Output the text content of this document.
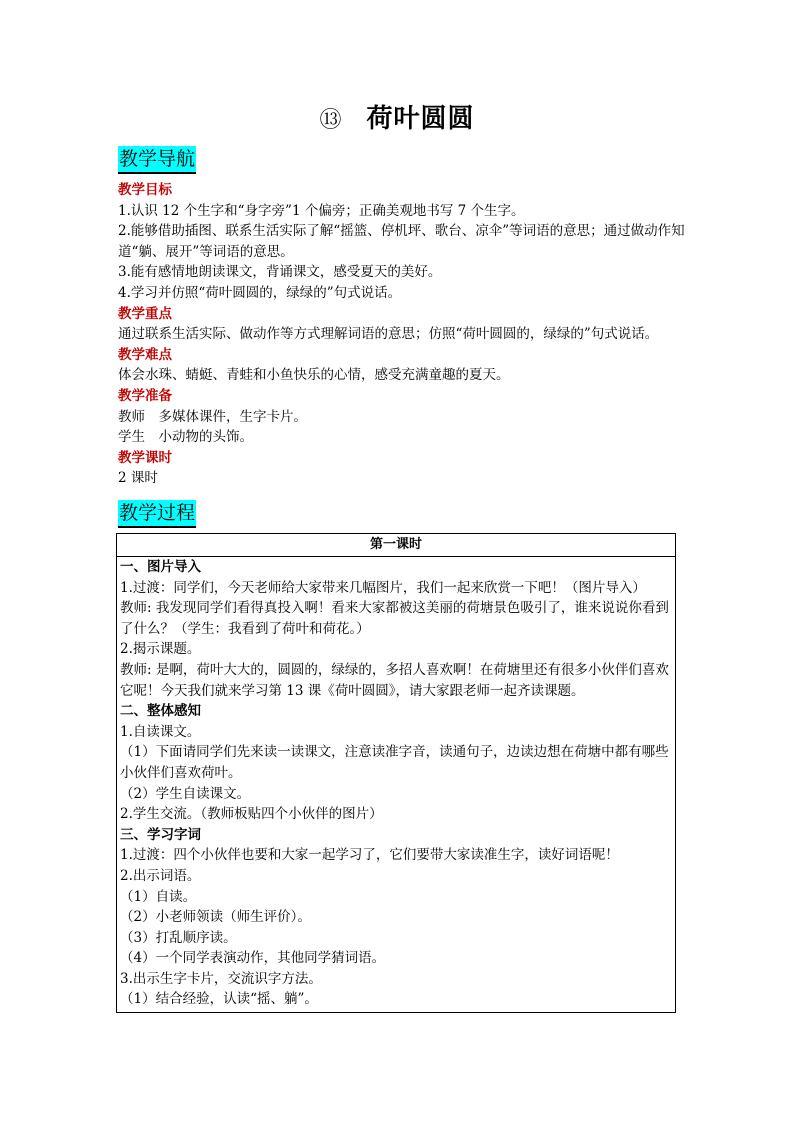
⑬ 荷叶圆圆
教学导航
教学目标

1.认识 12 个生字和“身字旁”1 个偏旁；正确美观地书写 7 个生字。

2.能够借助插图、联系生活实际了解“摇篮、停机坪、歌台、凉伞”等词语的意思；通过做动作知道“躺、展开”等词语的意思。

3.能有感情地朗读课文，背诵课文，感受夏天的美好。

4.学习并仿照“荷叶圆圆的，绿绿的”句式说话。

教学重点

通过联系生活实际、做动作等方式理解词语的意思；仿照“荷叶圆圆的，绿绿的”句式说话。

教学难点

体会水珠、蜻蜓、青蛙和小鱼快乐的心情，感受充满童趣的夏天。

教学准备

教师　多媒体课件，生字卡片。

学生　小动物的头饰。

教学课时

2 课时

教学过程
第一课时
一、图片导入

1.过渡：同学们，今天老师给大家带来几幅图片，我们一起来欣赏一下吧！（图片导入）

教师: 我发现同学们看得真投入啊！看来大家都被这美丽的荷塘景色吸引了，谁来说说你看到了什么？（学生：我看到了荷叶和荷花。）

2.揭示课题。

教师: 是啊，荷叶大大的，圆圆的，绿绿的，多招人喜欢啊！在荷塘里还有很多小伙伴们喜欢它呢！今天我们就来学习第 13 课《荷叶圆圆》，请大家跟老师一起齐读课题。

二、整体感知

1.自读课文。

（1）下面请同学们先来读一读课文，注意读准字音，读通句子，边读边想在荷塘中都有哪些小伙伴们喜欢荷叶。

（2）学生自读课文。

2.学生交流。（教师板贴四个小伙伴的图片）

三、学习字词

1.过渡：四个小伙伴也要和大家一起学习了，它们要带大家读准生字，读好词语呢！

2.出示词语。

（1）自读。

（2）小老师领读（师生评价）。

（3）打乱顺序读。

（4）一个同学表演动作，其他同学猜词语。

3.出示生字卡片，交流识字方法。

（1）结合经验，认读“摇、躺”。
